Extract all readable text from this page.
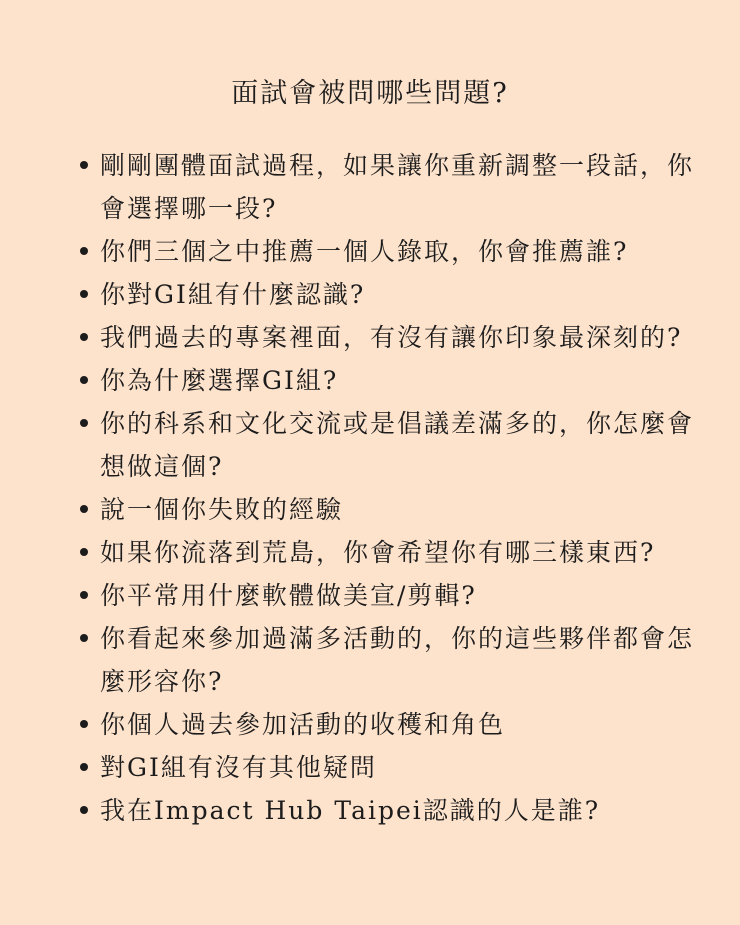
面試會被問哪些問題?
剛剛團體面試過程，如果讓你重新調整一段話，你會選擇哪一段?
你們三個之中推薦一個人錄取，你會推薦誰?
你對GI組有什麼認識?
我們過去的專案裡面，有沒有讓你印象最深刻的?
你為什麼選擇GI組?
你的科系和文化交流或是倡議差滿多的，你怎麼會想做這個?
說一個你失敗的經驗
如果你流落到荒島，你會希望你有哪三樣東西?
你平常用什麼軟體做美宣/剪輯?
你看起來參加過滿多活動的，你的這些夥伴都會怎麼形容你?
你個人過去參加活動的收穫和角色
對GI組有沒有其他疑問
我在Impact Hub Taipei認識的人是誰?
